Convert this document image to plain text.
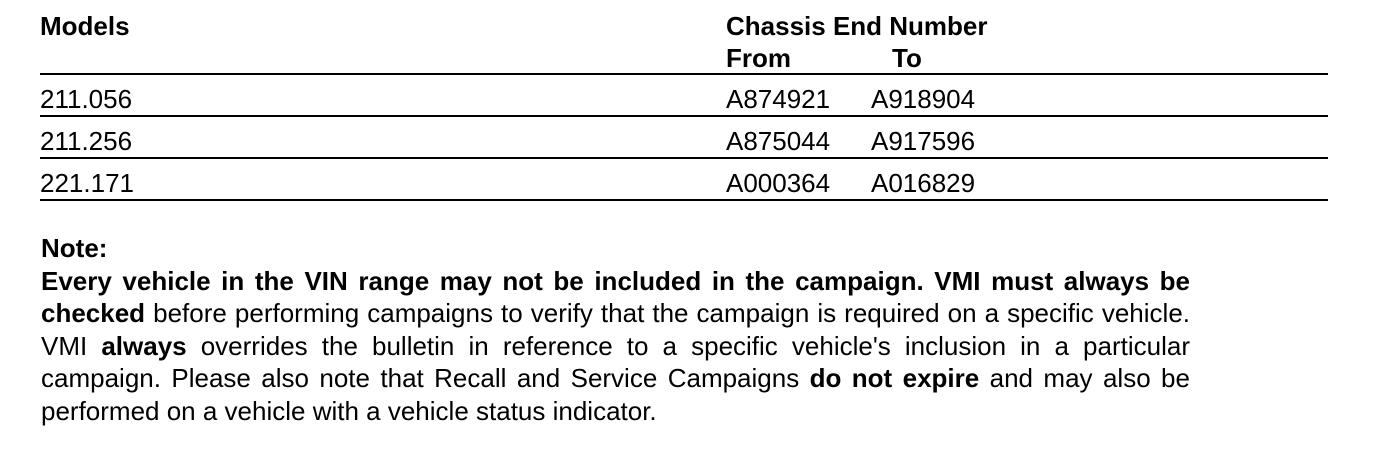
Models	Chassis End Number
From	To
211.056	A874921 A918904
211.256	A875044 A917596
221.171	A000364 A016829

Note:

Every vehicle in the VIN range may not be included in the campaign. VMI must always be checked before performing campaigns to verify that the campaign is required on a specific vehicle. VMI always overrides the bulletin in reference to a specific vehicle's inclusion in a particular campaign. Please also note that Recall and Service Campaigns do not expire and may also be performed on a vehicle with a vehicle status indicator.
